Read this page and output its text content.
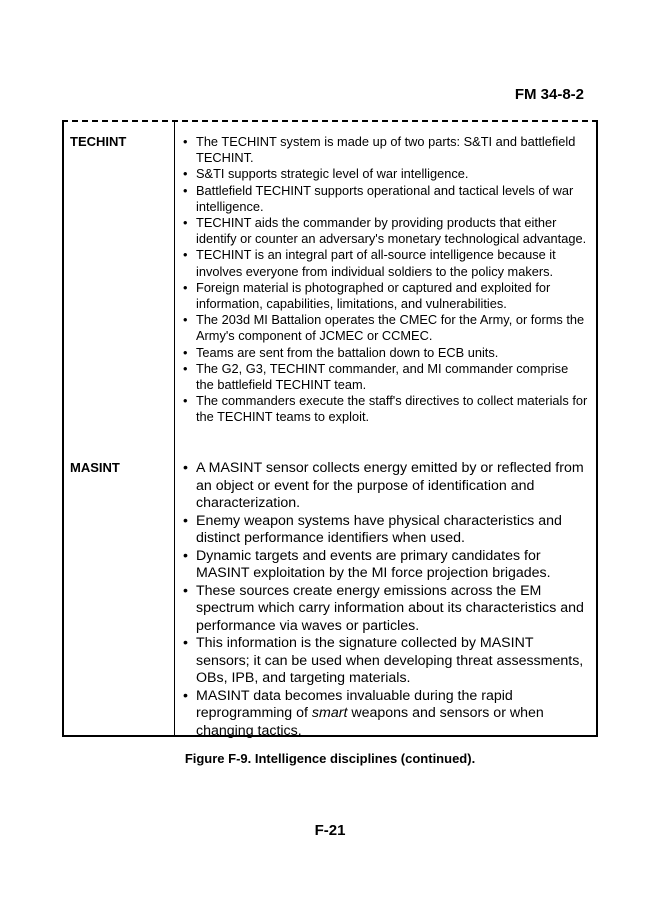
FM 34-8-2
TECHINT	• The TECHINT system is made up of two parts: S&TI and battlefield TECHINT.
• S&TI supports strategic level of war intelligence.
• Battlefield TECHINT supports operational and tactical levels of war intelligence.
• TECHINT aids the commander by providing products that either identify or counter an adversary's monetary technological advantage.
• TECHINT is an integral part of all-source intelligence because it involves everyone from individual soldiers to the policy makers.
• Foreign material is photographed or captured and exploited for information, capabilities, limitations, and vulnerabilities.
• The 203d MI Battalion operates the CMEC for the Army, or forms the Army's component of JCMEC or CCMEC.
• Teams are sent from the battalion down to ECB units.
• The G2, G3, TECHINT commander, and MI commander comprise the battlefield TECHINT team.
• The commanders execute the staff's directives to collect materials for the TECHINT teams to exploit.
MASINT	• A MASINT sensor collects energy emitted by or reflected from an object or event for the purpose of identification and characterization.
• Enemy weapon systems have physical characteristics and distinct performance identifiers when used.
• Dynamic targets and events are primary candidates for MASINT exploitation by the MI force projection brigades.
• These sources create energy emissions across the EM spectrum which carry information about its characteristics and performance via waves or particles.
• This information is the signature collected by MASINT sensors; it can be used when developing threat assessments, OBs, IPB, and targeting materials.
• MASINT data becomes invaluable during the rapid reprogramming of smart weapons and sensors or when changing tactics.
Figure F-9. Intelligence disciplines (continued).
F-21
